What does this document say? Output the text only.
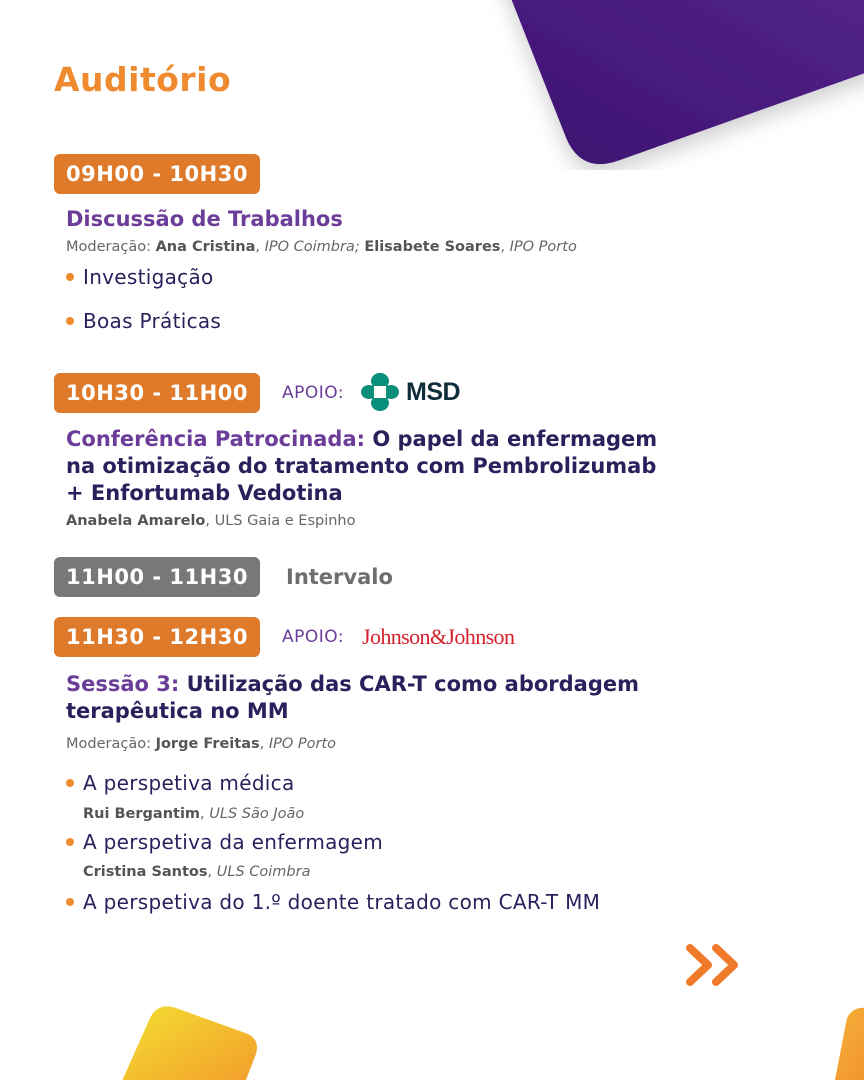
Auditório
09H00 - 10H30
Discussão de Trabalhos
Moderação: Ana Cristina, IPO Coimbra; Elisabete Soares, IPO Porto
Investigação
Boas Práticas
10H30 - 11H00	APOIO: MSD
Conferência Patrocinada: O papel da enfermagem
na otimização do tratamento com Pembrolizumab
+ Enfortumab Vedotina
Anabela Amarelo, ULS Gaia e Espinho
11H00 - 11H30	Intervalo
11H30 - 12H30	APOIO: Johnson&Johnson
Sessão 3: Utilização das CAR-T como abordagem
terapêutica no MM
Moderação: Jorge Freitas, IPO Porto
A perspetiva médica
Rui Bergantim, ULS São João
A perspetiva da enfermagem
Cristina Santos, ULS Coimbra
A perspetiva do 1.º doente tratado com CAR-T MM
